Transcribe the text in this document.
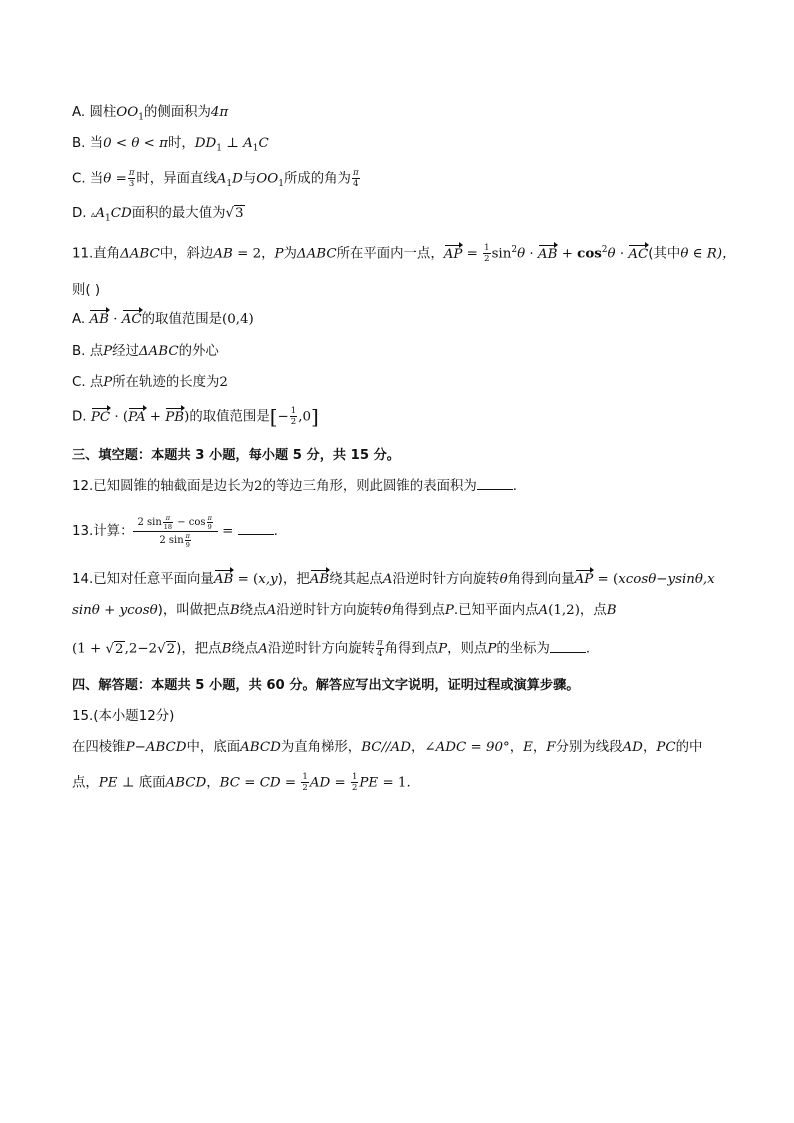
A. 圆柱$OO_1$的侧面积为4π
B. 当0 < θ < π时，$DD_1$ ⊥ $A_1C$
C. 当$\theta = \frac{\pi}{3}$ 时，异面直线$A_1D$与$OO_1$所成的角为 $\frac{\pi}{4}$
D. $▵A_1CD$面积的最大值为√3
11.直角ΔABC中，斜边AB = 2，P为ΔABC所在平面内一点，AP = $\frac{1}{2} \sin^2\theta$ · AB + $\cos^2\theta \cdot AC$(其中θ ∈ R)，
则( )
A. AB · AC的取值范围是(0,4)
B. 点P经过ΔABC的外心
C. 点P所在轨迹的长度为2
D. PC · (PA + PB)的取值范围是[− $\frac{1}{2} ,0$]
三、填空题：本题共 3 小题，每小题 5 分，共 15 分。
12.已知圆锥的轴截面是边长为2的等边三角形，则此圆锥的表面积为	.
13.计算： $\frac{2 \sin \frac{\pi}{18} - \cos \frac{\pi}{9}}{2 \sin \frac{\pi}{9}}$ =	.
14.已知对任意平面向量AB = (x,y)，把AB绕其起点A沿逆时针方向旋转θ角得到向量AP = (xcosθ−ysinθ,x
sinθ + ycosθ)，叫做把点B绕点A沿逆时针方向旋转θ角得到点P.已知平面内点A(1,2)，点B
(1 + √2,2−2√2)，把点B绕点A沿逆时针方向旋转 $\frac{\pi}{4}$ 角得到点P，则点P的坐标为	.
四、解答题：本题共 5 小题，共 60 分。解答应写出文字说明，证明过程或演算步骤。
15.(本小题12分)
在四棱锥P−ABCD中，底面ABCD为直角梯形，BC//AD，∠ADC = 90°，E，F分别为线段AD，PC的中
点，PE ⊥ 底面ABCD，BC = CD = $\frac{1}{2}$ AD = $\frac{1}{2}$ PE = 1.
